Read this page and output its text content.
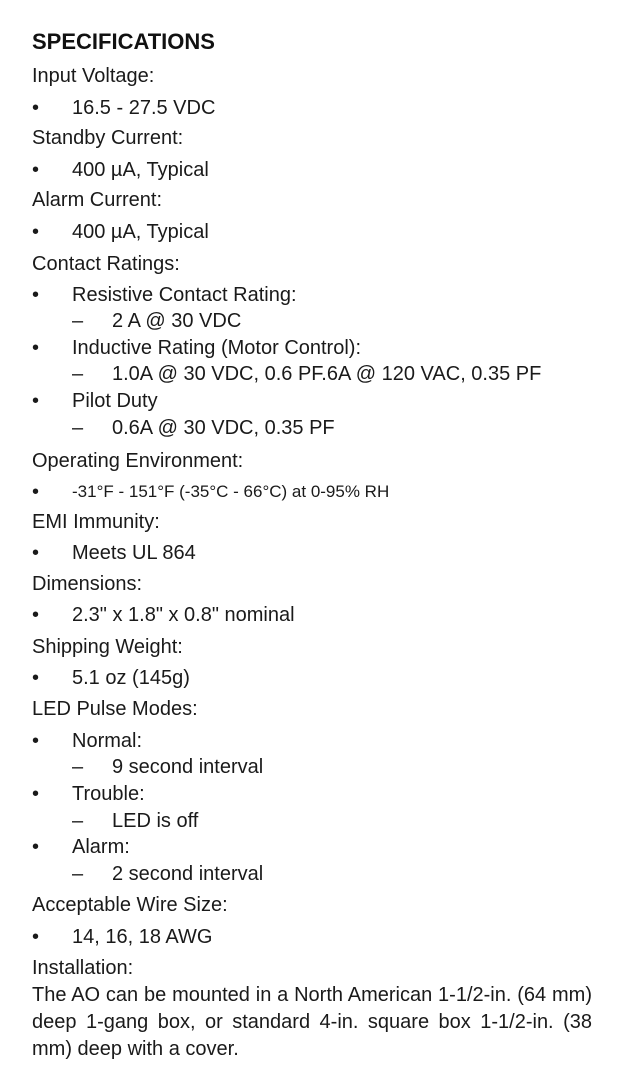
SPECIFICATIONS
Input Voltage:
• 16.5 - 27.5 VDC
Standby Current:
• 400 µA, Typical
Alarm Current:
• 400 µA, Typical
Contact Ratings:
• Resistive Contact Rating:
– 2 A @ 30 VDC
• Inductive Rating (Motor Control):
– 1.0A @ 30 VDC, 0.6 PF.6A @ 120 VAC, 0.35 PF
• Pilot Duty
– 0.6A @ 30 VDC, 0.35 PF
Operating Environment:
• -31°F - 151°F (-35°C - 66°C) at 0-95% RH
EMI Immunity:
• Meets UL 864
Dimensions:
• 2.3" x 1.8" x 0.8" nominal
Shipping Weight:
• 5.1 oz (145g)
LED Pulse Modes:
• Normal:
– 9 second interval
• Trouble:
– LED is off
• Alarm:
– 2 second interval
Acceptable Wire Size:
• 14, 16, 18 AWG
Installation:
The AO can be mounted in a North American 1-1/2-in. (64 mm) deep 1-gang box, or standard 4-in. square box 1-1/2-in. (38 mm) deep with a cover.
